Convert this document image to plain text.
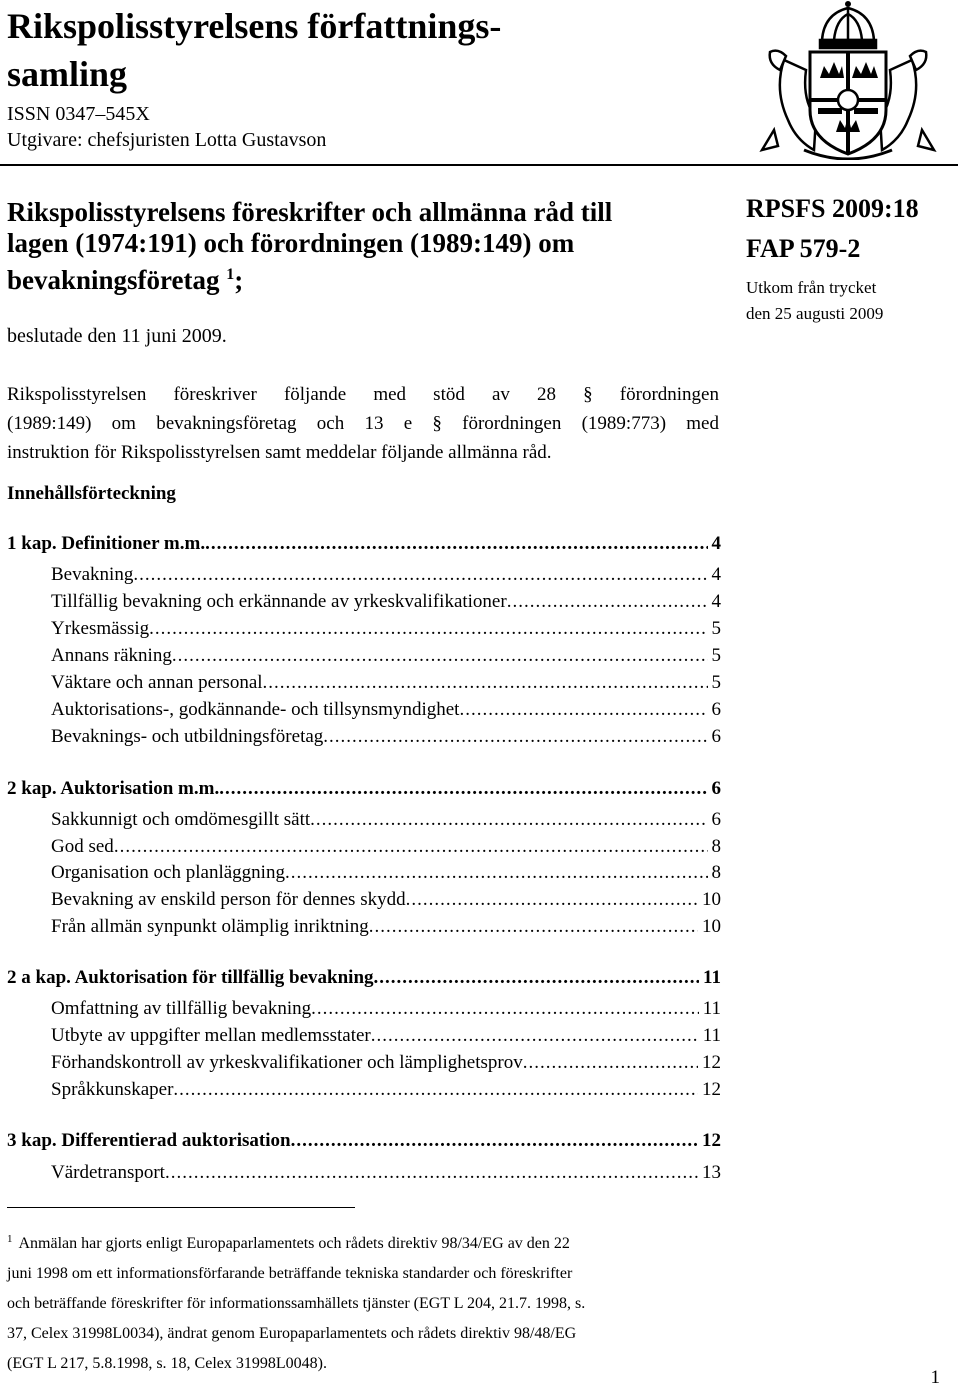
Rikspolisstyrelsens författnings-
samling
ISSN 0347–545X
Utgivare: chefsjuristen Lotta Gustavson
Rikspolisstyrelsens föreskrifter och allmänna råd till
lagen (1974:191) och förordningen (1989:149) om
bevakningsföretag $^1$;
beslutade den 11 juni 2009.
RPSFS 2009:18
FAP 579-2
Utkom från trycket
den 25 augusti 2009
Rikspolisstyrelsen föreskriver följande med stöd av 28 § förordningen
(1989:149) om bevakningsföretag och 13 e § förordningen (1989:773) med
instruktion för Rikspolisstyrelsen samt meddelar följande allmänna råd.
Innehållsförteckning
1 kap. Definitioner m.m. .....	4
Bevakning .....	4
Tillfällig bevakning och erkännande av yrkeskvalifikationer .....	4
Yrkesmässig .....	5
Annans räkning .....	5
Väktare och annan personal .....	5
Auktorisations-, godkännande- och tillsynsmyndighet .....	6
Bevaknings- och utbildningsföretag .....	6
2 kap. Auktorisation m.m. .....	6
Sakkunnigt och omdömesgillt sätt .....	6
God sed .....	8
Organisation och planläggning .....	8
Bevakning av enskild person för dennes skydd .....	10
Från allmän synpunkt olämplig inriktning .....	10
2 a kap. Auktorisation för tillfällig bevakning .....	11
Omfattning av tillfällig bevakning .....	11
Utbyte av uppgifter mellan medlemsstater .....	11
Förhandskontroll av yrkeskvalifikationer och lämplighetsprov .....	12
Språkkunskaper .....	12
3 kap. Differentierad auktorisation .....	12
Värdetransport .....	13
$^1$ Anmälan har gjorts enligt Europaparlamentets och rådets direktiv 98/34/EG av den 22
juni 1998 om ett informationsförfarande beträffande tekniska standarder och föreskrifter
och beträffande föreskrifter för informationssamhällets tjänster (EGT L 204, 21.7. 1998, s.
37, Celex 31998L0034), ändrat genom Europaparlamentets och rådets direktiv 98/48/EG
(EGT L 217, 5.8.1998, s. 18, Celex 31998L0048).
1
